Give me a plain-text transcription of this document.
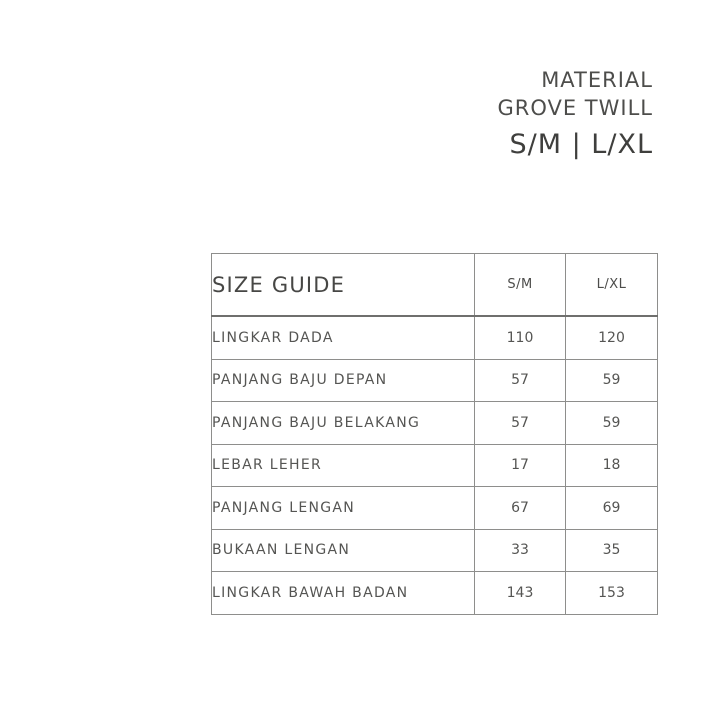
MATERIAL
GROVE TWILL
S/M | L/XL
SIZE GUIDE	S/M	L/XL
LINGKAR DADA	110	120
PANJANG BAJU DEPAN	57	59
PANJANG BAJU BELAKANG	57	59
LEBAR LEHER	17	18
PANJANG LENGAN	67	69
BUKAAN LENGAN	33	35
LINGKAR BAWAH BADAN	143	153
